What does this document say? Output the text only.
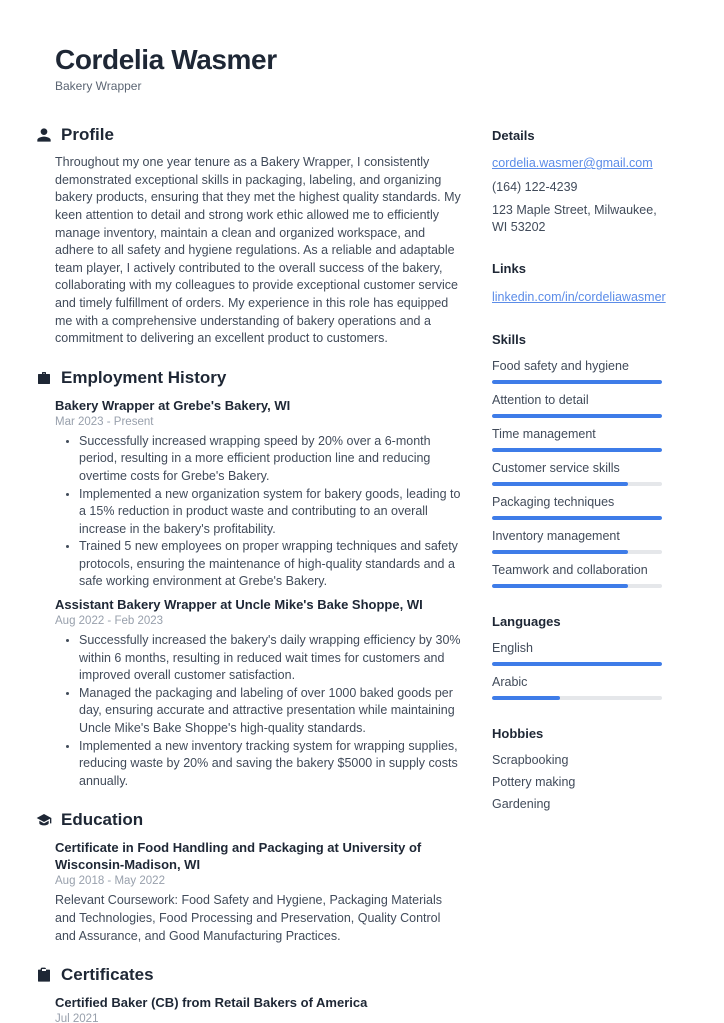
Cordelia Wasmer
Bakery Wrapper
Profile

Throughout my one year tenure as a Bakery Wrapper, I consistently demonstrated exceptional skills in packaging, labeling, and organizing bakery products, ensuring that they met the highest quality standards. My keen attention to detail and strong work ethic allowed me to efficiently manage inventory, maintain a clean and organized workspace, and adhere to all safety and hygiene regulations. As a reliable and adaptable team player, I actively contributed to the overall success of the bakery, collaborating with my colleagues to provide exceptional customer service and timely fulfillment of orders. My experience in this role has equipped me with a comprehensive understanding of bakery operations and a commitment to delivering an excellent product to customers.

Employment History
Bakery Wrapper at Grebe's Bakery, WI
Mar 2023 - Present
• Successfully increased wrapping speed by 20% over a 6-month period, resulting in a more efficient production line and reducing overtime costs for Grebe's Bakery.
• Implemented a new organization system for bakery goods, leading to a 15% reduction in product waste and contributing to an overall increase in the bakery's profitability.
• Trained 5 new employees on proper wrapping techniques and safety protocols, ensuring the maintenance of high-quality standards and a safe working environment at Grebe's Bakery.
Assistant Bakery Wrapper at Uncle Mike's Bake Shoppe, WI
Aug 2022 - Feb 2023
• Successfully increased the bakery's daily wrapping efficiency by 30% within 6 months, resulting in reduced wait times for customers and improved overall customer satisfaction.
• Managed the packaging and labeling of over 1000 baked goods per day, ensuring accurate and attractive presentation while maintaining Uncle Mike's Bake Shoppe's high-quality standards.
• Implemented a new inventory tracking system for wrapping supplies, reducing waste by 20% and saving the bakery $5000 in supply costs annually.
Education
Certificate in Food Handling and Packaging at University of Wisconsin-Madison, WI
Aug 2018 - May 2022

Relevant Coursework: Food Safety and Hygiene, Packaging Materials and Technologies, Food Processing and Preservation, Quality Control and Assurance, and Good Manufacturing Practices.

Certificates
Certified Baker (CB) from Retail Bakers of America
Jul 2021
Details
cordelia.wasmer@gmail.com
(164) 122-4239
123 Maple Street, Milwaukee, WI 53202
Links
linkedin.com/in/cordeliawasmer
Skills
Food safety and hygiene
Attention to detail
Time management
Customer service skills
Packaging techniques
Inventory management
Teamwork and collaboration
Languages
English
Arabic
Hobbies
Scrapbooking
Pottery making
Gardening
